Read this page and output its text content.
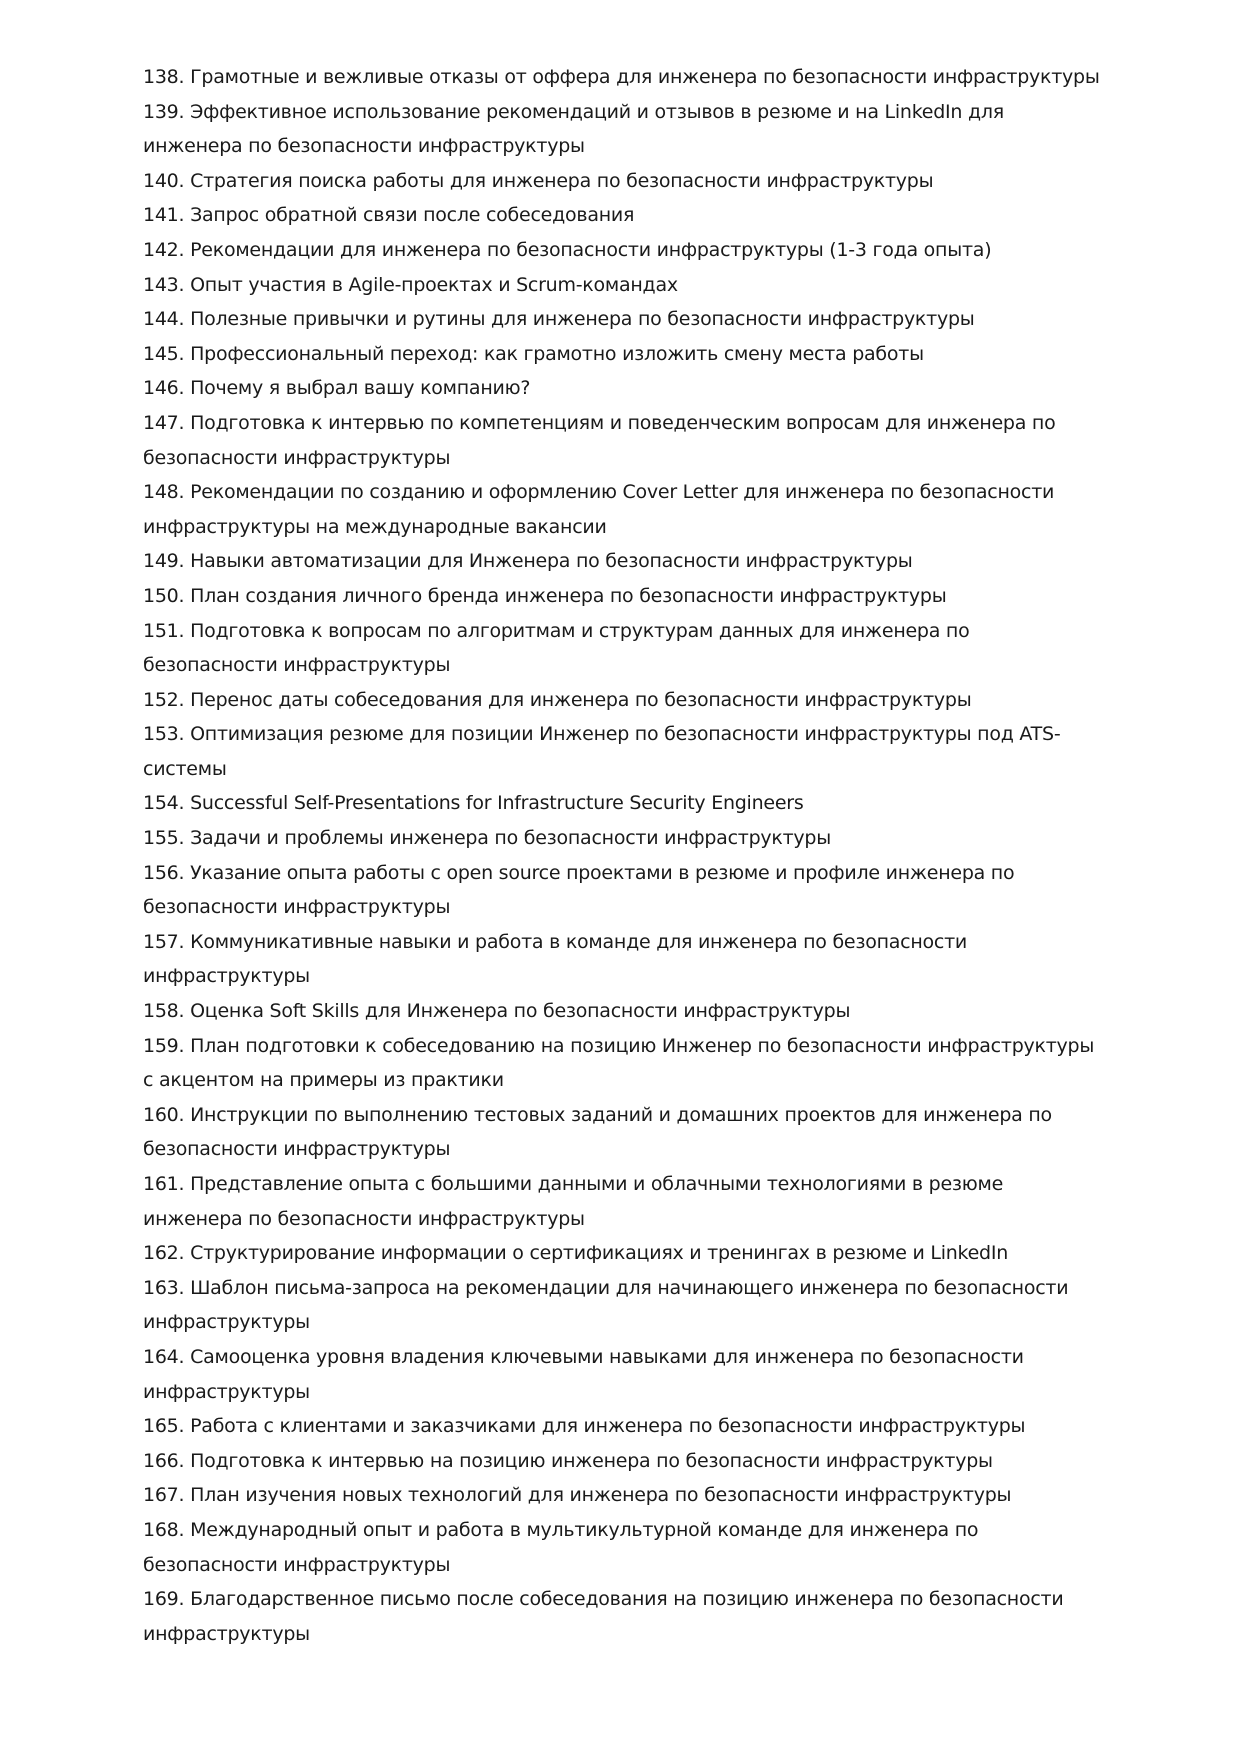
138. Грамотные и вежливые отказы от оффера для инженера по безопасности инфраструктуры
139. Эффективное использование рекомендаций и отзывов в резюме и на LinkedIn для инженера по безопасности инфраструктуры
140. Стратегия поиска работы для инженера по безопасности инфраструктуры
141. Запрос обратной связи после собеседования
142. Рекомендации для инженера по безопасности инфраструктуры (1-3 года опыта)
143. Опыт участия в Agile-проектах и Scrum-командах
144. Полезные привычки и рутины для инженера по безопасности инфраструктуры
145. Профессиональный переход: как грамотно изложить смену места работы
146. Почему я выбрал вашу компанию?
147. Подготовка к интервью по компетенциям и поведенческим вопросам для инженера по безопасности инфраструктуры
148. Рекомендации по созданию и оформлению Cover Letter для инженера по безопасности инфраструктуры на международные вакансии
149. Навыки автоматизации для Инженера по безопасности инфраструктуры
150. План создания личного бренда инженера по безопасности инфраструктуры
151. Подготовка к вопросам по алгоритмам и структурам данных для инженера по безопасности инфраструктуры
152. Перенос даты собеседования для инженера по безопасности инфраструктуры
153. Оптимизация резюме для позиции Инженер по безопасности инфраструктуры под ATS-системы
154. Successful Self-Presentations for Infrastructure Security Engineers
155. Задачи и проблемы инженера по безопасности инфраструктуры
156. Указание опыта работы с open source проектами в резюме и профиле инженера по безопасности инфраструктуры
157. Коммуникативные навыки и работа в команде для инженера по безопасности инфраструктуры
158. Оценка Soft Skills для Инженера по безопасности инфраструктуры
159. План подготовки к собеседованию на позицию Инженер по безопасности инфраструктуры с акцентом на примеры из практики
160. Инструкции по выполнению тестовых заданий и домашних проектов для инженера по безопасности инфраструктуры
161. Представление опыта с большими данными и облачными технологиями в резюме инженера по безопасности инфраструктуры
162. Структурирование информации о сертификациях и тренингах в резюме и LinkedIn
163. Шаблон письма-запроса на рекомендации для начинающего инженера по безопасности инфраструктуры
164. Самооценка уровня владения ключевыми навыками для инженера по безопасности инфраструктуры
165. Работа с клиентами и заказчиками для инженера по безопасности инфраструктуры
166. Подготовка к интервью на позицию инженера по безопасности инфраструктуры
167. План изучения новых технологий для инженера по безопасности инфраструктуры
168. Международный опыт и работа в мультикультурной команде для инженера по безопасности инфраструктуры
169. Благодарственное письмо после собеседования на позицию инженера по безопасности инфраструктуры
